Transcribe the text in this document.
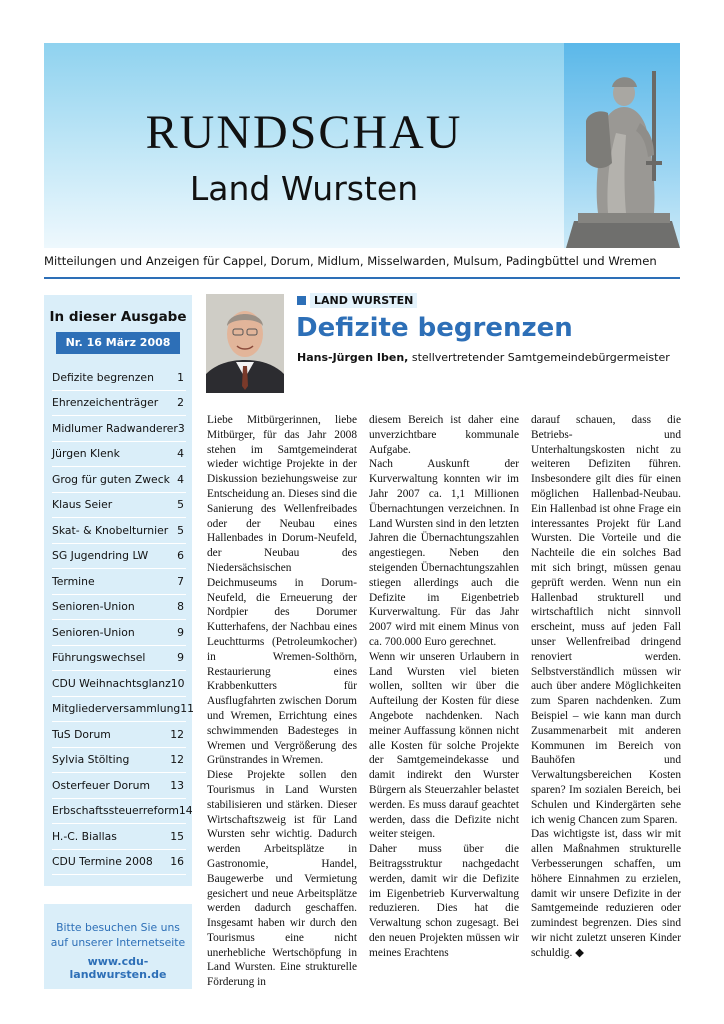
RUNDSCHAU
Land Wursten
Mitteilungen und Anzeigen für Cappel, Dorum, Midlum, Misselwarden, Mulsum, Padingbüttel und Wremen
In dieser Ausgabe
Nr. 16 März 2008
Defizite begrenzen 1
Ehrenzeichenträger 2
Midlumer Radwanderer 3
Jürgen Klenk	4
Grog für guten Zweck 4
Klaus Seier	5
Skat- & Knobelturnier 5
SG Jugendring LW	6
Termine	7
Senioren-Union	8
Senioren-Union	9
Führungswechsel	9
CDU Weihnachtsglanz 10
Mitgliederversammlung 11
TuS Dorum	12
Sylvia Stölting	12
Osterfeuer Dorum 13
Erbschaftssteuerreform 14
H.-C. Biallas	15
CDU Termine 2008 16
Bitte besuchen Sie uns
auf unserer Internetseite
www.cdu-landwursten.de
LAND WURSTEN
Defizite begrenzen
Hans-Jürgen Iben, stellvertretender Samtgemeindebürgermeister

Liebe Mitbürgerinnen, liebe Mitbürger, für das Jahr 2008 stehen im Samtgemeinderat wieder wichtige Projekte in der Diskussion beziehungsweise zur Entscheidung an. Dieses sind die Sanierung des Wellenfreibades oder der Neubau eines Hallenbades in Dorum-Neufeld, der Neubau des Niedersächsischen Deichmuseums in Dorum-Neufeld, die Erneuerung der Nordpier des Dorumer Kutterhafens, der Nachbau eines Leuchtturms (Petroleumkocher) in Wremen-Solthörn, Restaurierung eines Krabbenkutters für Ausflugfahrten zwischen Dorum und Wremen, Errichtung eines schwimmenden Badesteges in Wremen und Vergrößerung des Grünstrandes in Wremen.

Diese Projekte sollen den Tourismus in Land Wursten stabilisieren und stärken. Dieser Wirtschaftszweig ist für Land Wursten sehr wichtig. Dadurch werden Arbeitsplätze in Gastronomie, Handel, Baugewerbe und Vermietung gesichert und neue Arbeitsplätze werden dadurch geschaffen. Insgesamt haben wir durch den Tourismus eine nicht unerhebliche Wertschöpfung in Land Wursten. Eine strukturelle Förderung in

diesem Bereich ist daher eine unverzichtbare kommunale Aufgabe.

Nach Auskunft der Kurverwaltung konnten wir im Jahr 2007 ca. 1,1 Millionen Übernachtungen verzeichnen. In Land Wursten sind in den letzten Jahren die Übernachtungszahlen angestiegen. Neben den steigenden Übernachtungszahlen stiegen allerdings auch die Defizite im Eigenbetrieb Kurverwaltung. Für das Jahr 2007 wird mit einem Minus von ca. 700.000 Euro gerechnet.

Wenn wir unseren Urlaubern in Land Wursten viel bieten wollen, sollten wir über die Aufteilung der Kosten für diese Angebote nachdenken. Nach meiner Auffassung können nicht alle Kosten für solche Projekte der Samtgemeindekasse und damit indirekt den Wurster Bürgern als Steuerzahler belastet werden. Es muss darauf geachtet werden, dass die Defizite nicht weiter steigen.

Daher muss über die Beitragsstruktur nachgedacht werden, damit wir die Defizite im Eigenbetrieb Kurverwaltung reduzieren. Dies hat die Verwaltung schon zugesagt. Bei den neuen Projekten müssen wir meines Erachtens

darauf schauen, dass die Betriebs- und Unterhaltungskosten nicht zu weiteren Defiziten führen. Insbesondere gilt dies für einen möglichen Hallenbad-Neubau. Ein Hallenbad ist ohne Frage ein interessantes Projekt für Land Wursten. Die Vorteile und die Nachteile die ein solches Bad mit sich bringt, müssen genau geprüft werden. Wenn nun ein Hallenbad strukturell und wirtschaftlich nicht sinnvoll erscheint, muss auf jeden Fall unser Wellenfreibad dringend renoviert werden. Selbstverständlich müssen wir auch über andere Möglichkeiten zum Sparen nachdenken. Zum Beispiel – wie kann man durch Zusammenarbeit mit anderen Kommunen im Bereich von Bauhöfen und Verwaltungsbereichen Kosten sparen? Im sozialen Bereich, bei Schulen und Kindergärten sehe ich wenig Chancen zum Sparen.

Das wichtigste ist, dass wir mit allen Maßnahmen strukturelle Verbesserungen schaffen, um höhere Einnahmen zu erzielen, damit wir unsere Defizite in der Samtgemeinde reduzieren oder zumindest begrenzen. Dies sind wir nicht zuletzt unseren Kinder schuldig. ◆
